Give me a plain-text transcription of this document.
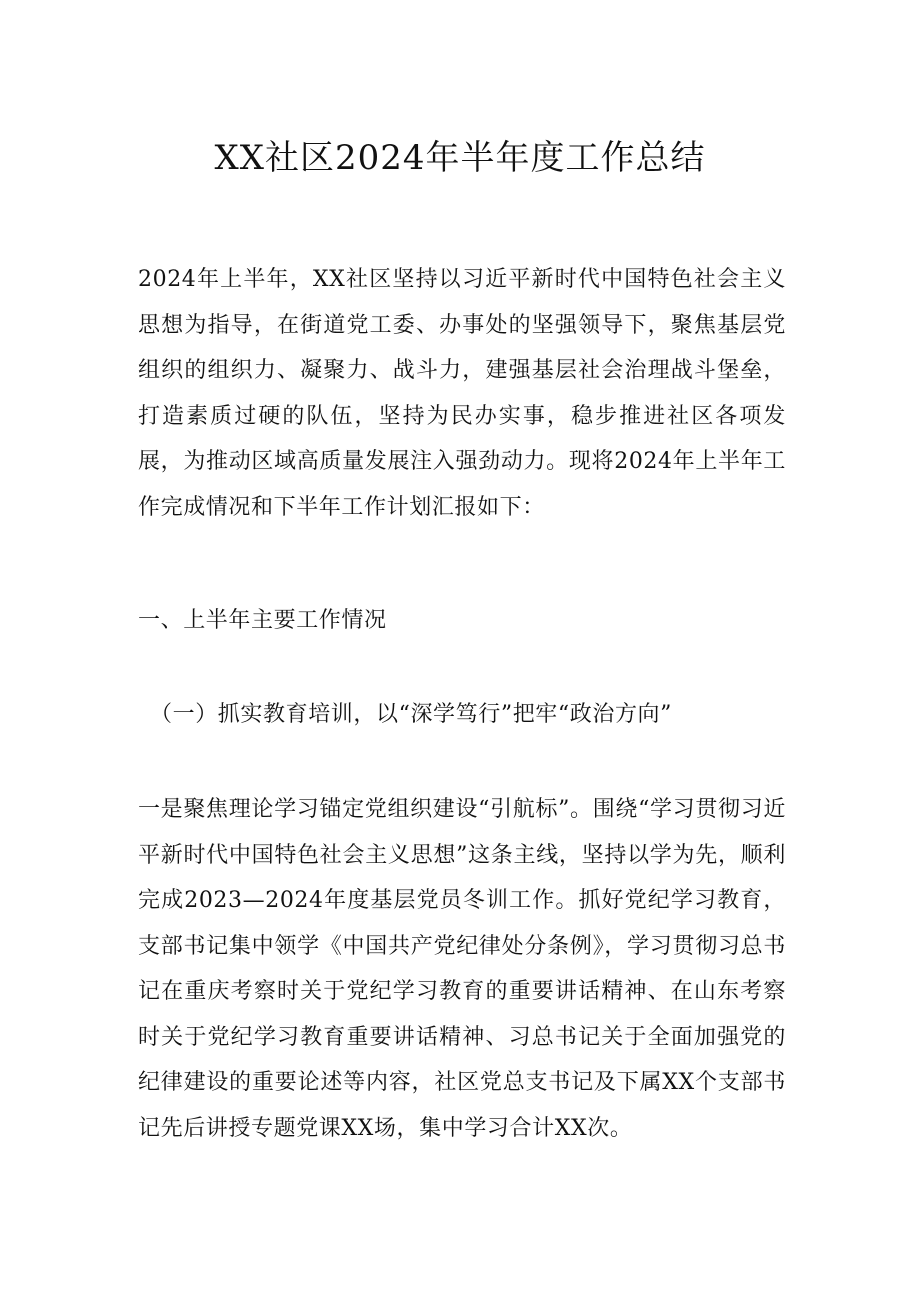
XX社区2024年半年度工作总结

2024年上半年，XX社区坚持以习近平新时代中国特色社会主义思想为指导，在街道党工委、办事处的坚强领导下，聚焦基层党组织的组织力、凝聚力、战斗力，建强基层社会治理战斗堡垒，打造素质过硬的队伍，坚持为民办实事，稳步推进社区各项发展，为推动区域高质量发展注入强劲动力。现将2024年上半年工作完成情况和下半年工作计划汇报如下：

一、上半年主要工作情况

（一）抓实教育培训，以“深学笃行”把牢“政治方向”

一是聚焦理论学习锚定党组织建设“引航标”。围绕“学习贯彻习近平新时代中国特色社会主义思想”这条主线，坚持以学为先，顺利完成2023—2024年度基层党员冬训工作。抓好党纪学习教育，支部书记集中领学《中国共产党纪律处分条例》，学习贯彻习总书记在重庆考察时关于党纪学习教育的重要讲话精神、在山东考察时关于党纪学习教育重要讲话精神、习总书记关于全面加强党的纪律建设的重要论述等内容，社区党总支书记及下属XX个支部书记先后讲授专题党课XX场，集中学习合计XX次。
